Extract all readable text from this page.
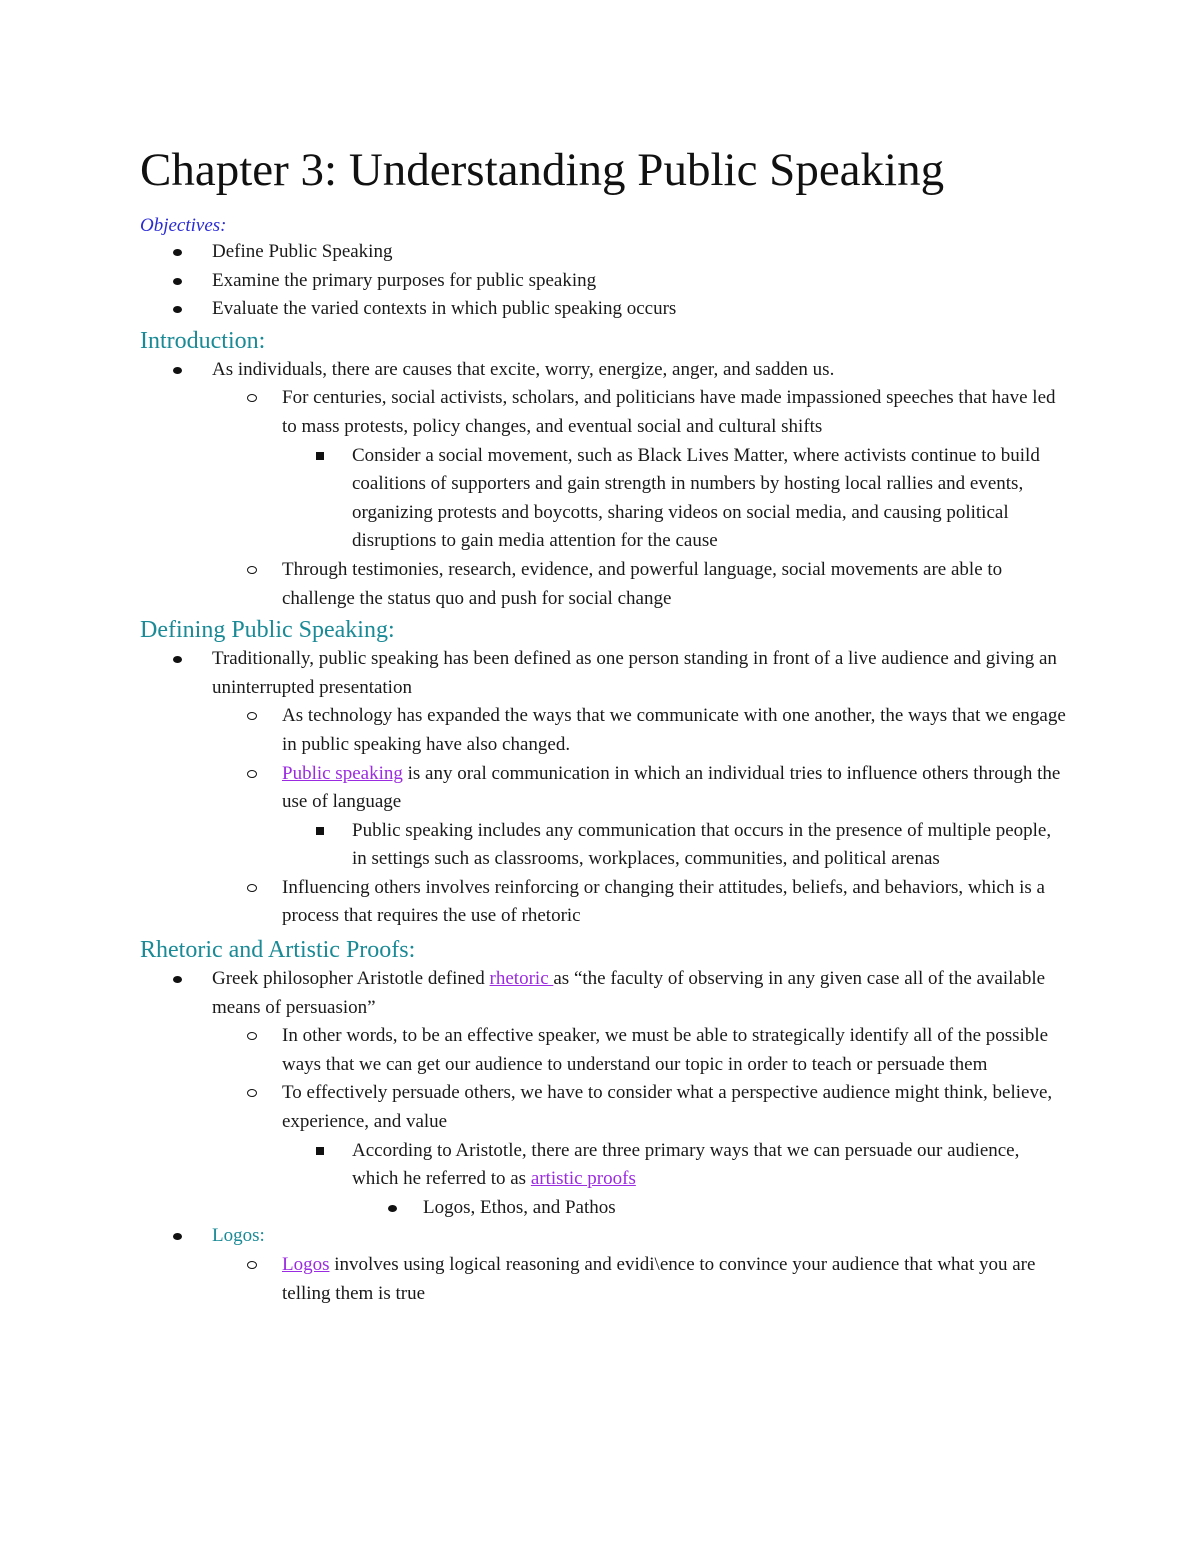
Chapter 3: Understanding Public Speaking
Objectives:
Define Public Speaking
Examine the primary purposes for public speaking
Evaluate the varied contexts in which public speaking occurs
Introduction:
As individuals, there are causes that excite, worry, energize, anger, and sadden us.
For centuries, social activists, scholars, and politicians have made impassioned speeches that have led to mass protests, policy changes, and eventual social and cultural shifts
Consider a social movement, such as Black Lives Matter, where activists continue to build coalitions of supporters and gain strength in numbers by hosting local rallies and events, organizing protests and boycotts, sharing videos on social media, and causing political disruptions to gain media attention for the cause
Through testimonies, research, evidence, and powerful language, social movements are able to challenge the status quo and push for social change
Defining Public Speaking:
Traditionally, public speaking has been defined as one person standing in front of a live audience and giving an uninterrupted presentation
As technology has expanded the ways that we communicate with one another, the ways that we engage in public speaking have also changed.
Public speaking is any oral communication in which an individual tries to influence others through the use of language
Public speaking includes any communication that occurs in the presence of multiple people, in settings such as classrooms, workplaces, communities, and political arenas
Influencing others involves reinforcing or changing their attitudes, beliefs, and behaviors, which is a process that requires the use of rhetoric
Rhetoric and Artistic Proofs:
Greek philosopher Aristotle defined rhetoric as “the faculty of observing in any given case all of the available means of persuasion”
In other words, to be an effective speaker, we must be able to strategically identify all of the possible ways that we can get our audience to understand our topic in order to teach or persuade them
To effectively persuade others, we have to consider what a perspective audience might think, believe, experience, and value
According to Aristotle, there are three primary ways that we can persuade our audience, which he referred to as artistic proofs
Logos, Ethos, and Pathos
Logos:
Logos involves using logical reasoning and evidi\ence to convince your audience that what you are telling them is true
